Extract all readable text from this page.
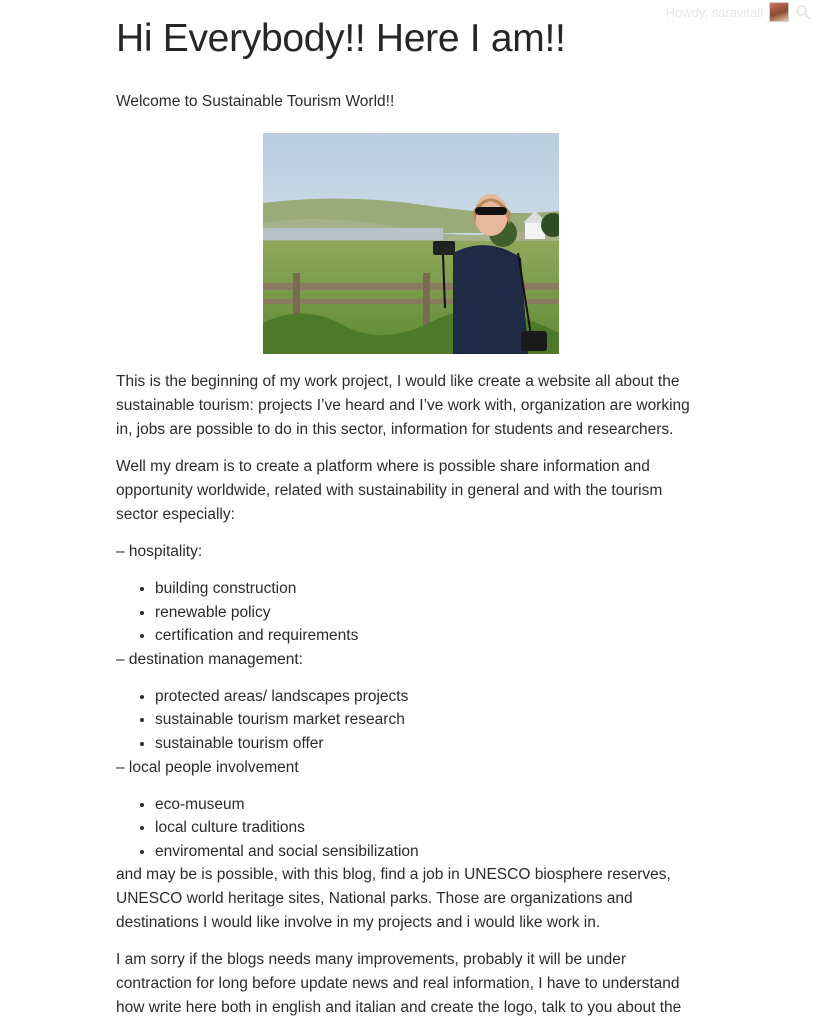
Howdy, saravitali
Hi Everybody!! Here I am!!

Welcome to Sustainable Tourism World!!

This is the beginning of my work project, I would like create a website all about the sustainable tourism: projects I’ve heard and I’ve work with, organization are working in, jobs are possible to do in this sector, information for students and researchers.

Well my dream is to create a platform where is possible share information and opportunity worldwide, related with sustainability in general and with the tourism sector especially:

– hospitality:

• building construction
• renewable policy
• certification and requirements

– destination management:

• protected areas/ landscapes projects
• sustainable tourism market research
• sustainable tourism offer

– local people involvement

• eco-museum
• local culture traditions
• enviromental and social sensibilization

and may be is possible, with this blog, find a job in UNESCO biosphere reserves, UNESCO world heritage sites, National parks. Those are organizations and destinations I would like involve in my projects and i would like work in.

I am sorry if the blogs needs many improvements, probably it will be under contraction for long before update news and real information, I have to understand how write here both in english and italian and create the logo, talk to you about the
